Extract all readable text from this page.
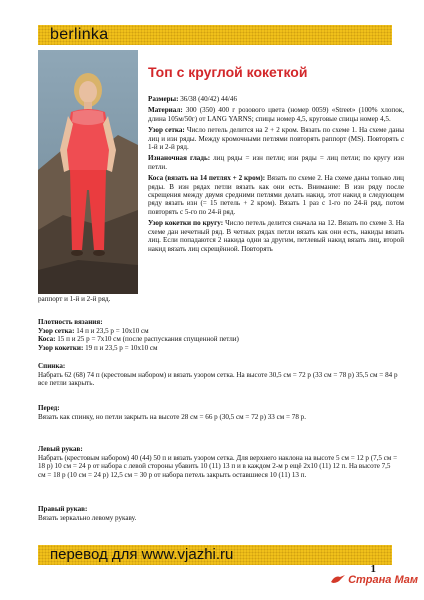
berlinka
Топ с круглой кокеткой

Размеры: 36/38 (40/42) 44/46

Материал: 300 (350) 400 г розового цвета (номер 0059) «Street» (100% хлопок, длина 105м/50г) от LANG YARNS; спицы номер 4,5, круговые спицы номер 4,5.

Узор сетка: Число петель делится на 2 + 2 кром. Вязать по схеме 1. На схеме даны лиц и изн ряды. Между кромочными петлями повторять раппорт (MS). Повторять с 1-й и 2-й ряд.

Изнаночная гладь: лиц ряды = изн петли; изн ряды = лиц петли; по кругу изн петли.

Коса (вязать на 14 петлях + 2 кром): Вязать по схеме 2. На схеме даны только лиц ряды. В изн рядах петли вязать как они есть. Внимание: В изн ряду после скрещения между двумя средними петлями делать накид, этот накид в следующем ряду вязать изн (= 15 петель + 2 кром). Вязать 1 раз с 1-го по 24-й ряд, потом повторять с 5-го по 24-й ряд.

Узор кокетки по кругу: Число петель делится сначала на 12. Вязать по схеме 3. На схеме дан нечетный ряд. В четных рядах петли вязать как они есть, накиды вязать лиц. Если попадаются 2 накида одни за другим, петлевый накид вязать лиц, второй накид вязать лиц скрещённой. Повторять

раппорт и 1-й и 2-й ряд.

Плотность вязания:

Узор сетка: 14 п и 23,5 р = 10х10 см

Коса: 15 п и 25 р = 7х10 см (после распускания спущенной петли)

Узор кокетки: 19 п и 23,5 р = 10х10 см

Спинка:

Набрать 62 (68) 74 п (крестовым набором) и вязать узором сетка. На высоте 30,5 см = 72 р (33 см = 78 р) 35,5 см = 84 р все петли закрыть.

Перед:

Вязать как спинку, но петли закрыть на высоте 28 см = 66 р (30,5 см = 72 р) 33 см = 78 р.

Левый рукав:

Набрать (крестовым набором) 40 (44) 50 п и вязать узором сетка. Для верхнего наклона на высоте 5 см = 12 р (7,5 см = 18 р) 10 см = 24 р от набора с левой стороны убавить 10 (11) 13 п и в каждом 2-м р ещё 2х10 (11) 12 п. На высоте 7,5 см = 18 р (10 см = 24 р) 12,5 см = 30 р от набора петель закрыть оставшиеся 10 (11) 13 п.

Правый рукав:

Вязать зеркально левому рукаву.

перевод для www.vjazhi.ru
1
Страна Мам
